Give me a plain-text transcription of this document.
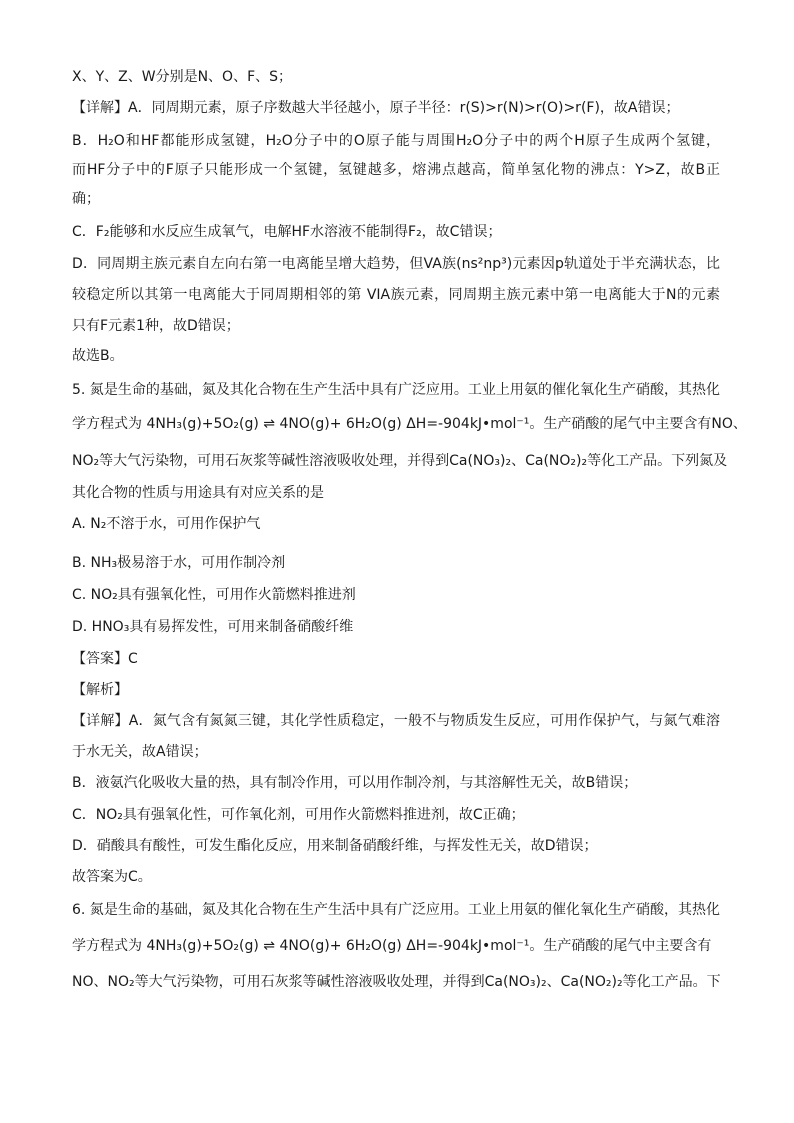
X、Y、Z、W分别是N、O、F、S；
【详解】A．同周期元素，原子序数越大半径越小，原子半径：r(S)>r(N)>r(O)>r(F)，故A错误；
B．H₂O和HF都能形成氢键，H₂O分子中的O原子能与周围H₂O分子中的两个H原子生成两个氢键，
而HF分子中的F原子只能形成一个氢键，氢键越多，熔沸点越高，简单氢化物的沸点：Y>Z，故B正
确；
C．F₂能够和水反应生成氧气，电解HF水溶液不能制得F₂，故C错误；
D．同周期主族元素自左向右第一电离能呈增大趋势，但VA族(ns²np³)元素因p轨道处于半充满状态，比
较稳定所以其第一电离能大于同周期相邻的第 VIA族元素，同周期主族元素中第一电离能大于N的元素
只有F元素1种，故D错误；
故选B。
5. 氮是生命的基础，氮及其化合物在生产生活中具有广泛应用。工业上用氨的催化氧化生产硝酸，其热化
学方程式为 4NH₃(g)+5O₂(g) ⇌ 4NO(g)+ 6H₂O(g) ΔH=-904kJ•mol⁻¹。生产硝酸的尾气中主要含有NO、
NO₂等大气污染物，可用石灰浆等碱性溶液吸收处理，并得到Ca(NO₃)₂、Ca(NO₂)₂等化工产品。下列氮及
其化合物的性质与用途具有对应关系的是
A. N₂不溶于水，可用作保护气
B. NH₃极易溶于水，可用作制冷剂
C. NO₂具有强氧化性，可用作火箭燃料推进剂
D. HNO₃具有易挥发性，可用来制备硝酸纤维
【答案】C
【解析】
【详解】A．氮气含有氮氮三键，其化学性质稳定，一般不与物质发生反应，可用作保护气，与氮气难溶
于水无关，故A错误；
B．液氨汽化吸收大量的热，具有制冷作用，可以用作制冷剂，与其溶解性无关，故B错误；
C．NO₂具有强氧化性，可作氧化剂，可用作火箭燃料推进剂，故C正确；
D．硝酸具有酸性，可发生酯化反应，用来制备硝酸纤维，与挥发性无关，故D错误；
故答案为C。
6. 氮是生命的基础，氮及其化合物在生产生活中具有广泛应用。工业上用氨的催化氧化生产硝酸，其热化
学方程式为 4NH₃(g)+5O₂(g) ⇌ 4NO(g)+ 6H₂O(g) ΔH=-904kJ•mol⁻¹。生产硝酸的尾气中主要含有
NO、NO₂等大气污染物，可用石灰浆等碱性溶液吸收处理，并得到Ca(NO₃)₂、Ca(NO₂)₂等化工产品。下
